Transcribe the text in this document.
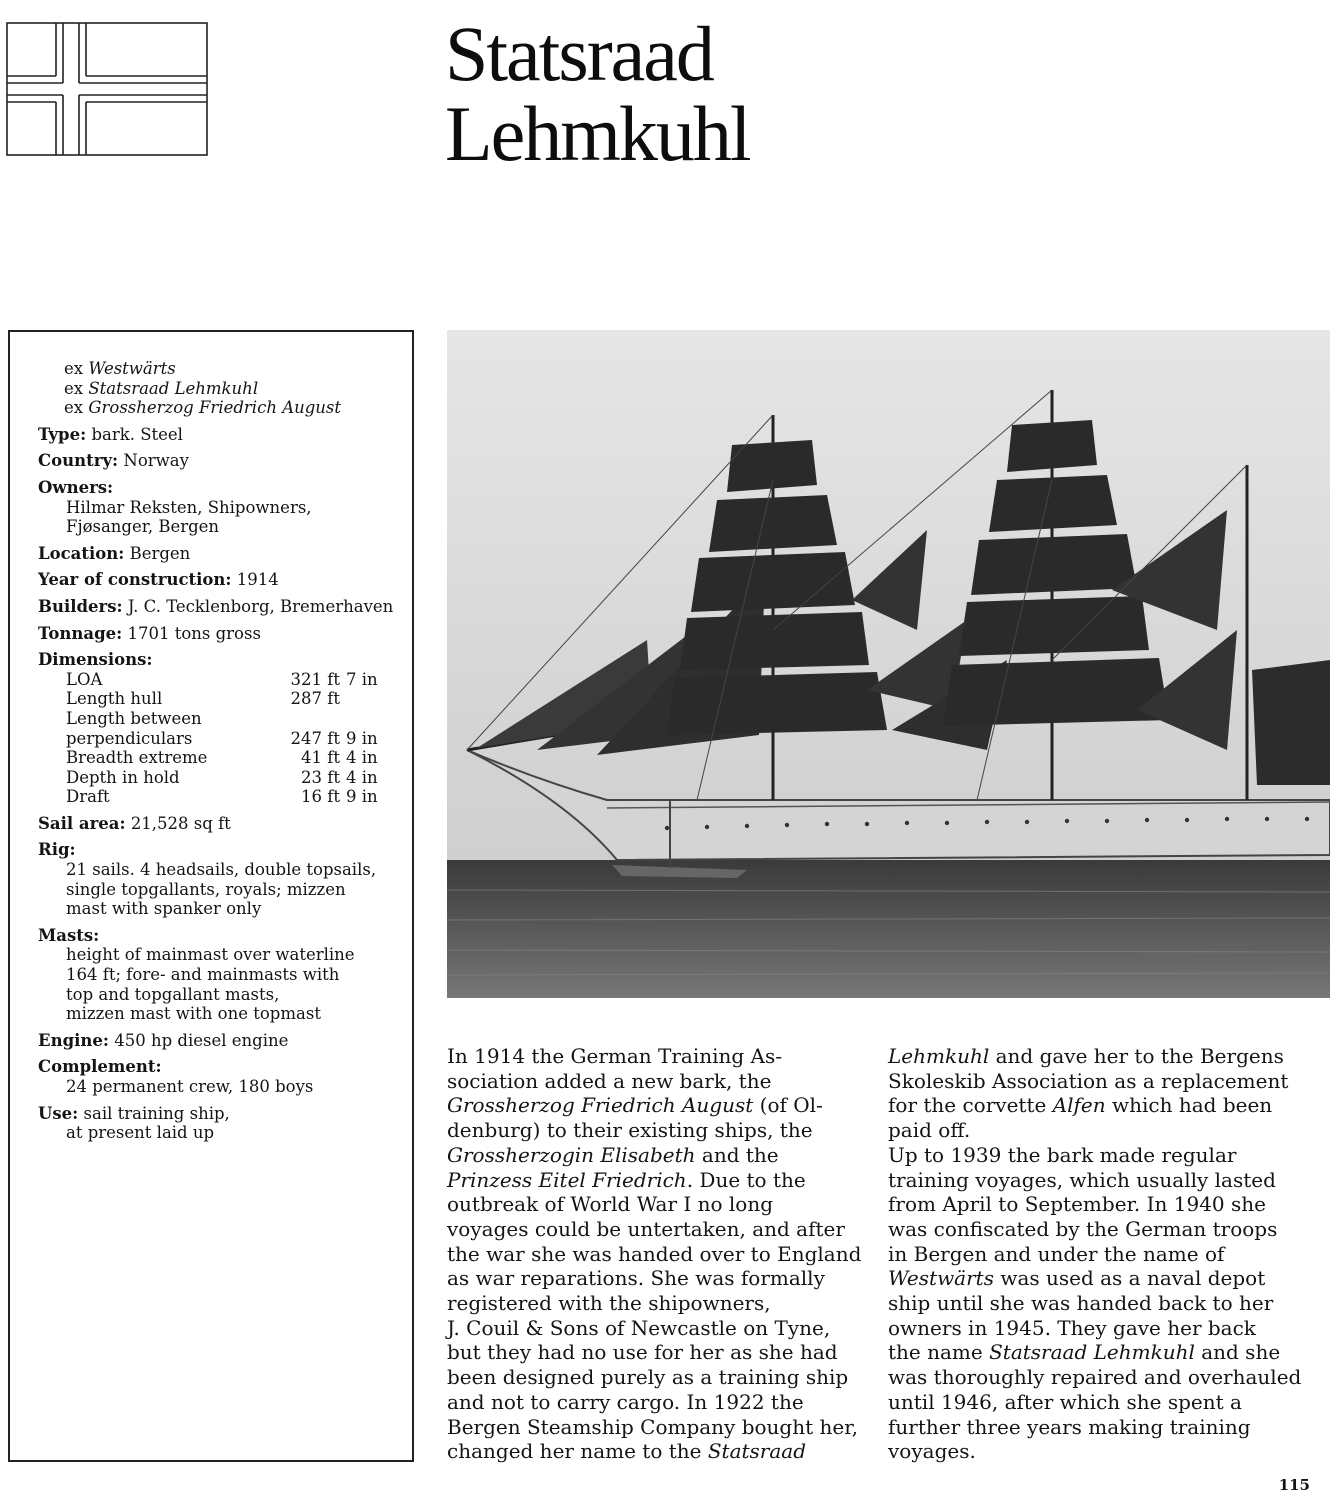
Statsraad
Lehmkuhl
ex Westwärts
ex Statsraad Lehmkuhl
ex Grossherzog Friedrich August
Type: bark. Steel
Country: Norway
Owners:
Hilmar Reksten, Shipowners,
Fjøsanger, Bergen
Location: Bergen
Year of construction: 1914
Builders: J. C. Tecklenborg, Bremerhaven
Tonnage: 1701 tons gross
Dimensions:
LOA	321 ft 7 in
Length hull	287 ft
Length between
perpendiculars	247 ft 9 in
Breadth extreme	41 ft 4 in
Depth in hold	23 ft 4 in
Draft	16 ft 9 in
Sail area: 21,528 sq ft
Rig:
21 sails. 4 headsails, double topsails,
single topgallants, royals; mizzen
mast with spanker only
Masts:
height of mainmast over waterline
164 ft; fore- and mainmasts with
top and topgallant masts,
mizzen mast with one topmast
Engine: 450 hp diesel engine
Complement:
24 permanent crew, 180 boys
Use: sail training ship,
at present laid up

In 1914 the German Training As-

sociation added a new bark, the

Grossherzog Friedrich August (of Ol-

denburg) to their existing ships, the

Grossherzogin Elisabeth and the

Prinzess Eitel Friedrich. Due to the

outbreak of World War I no long

voyages could be untertaken, and after

the war she was handed over to England

as war reparations. She was formally

registered with the shipowners,

J. Couil & Sons of Newcastle on Tyne,

but they had no use for her as she had

been designed purely as a training ship

and not to carry cargo. In 1922 the

Bergen Steamship Company bought her,

changed her name to the Statsraad

Lehmkuhl and gave her to the Bergens

Skoleskib Association as a replacement

for the corvette Alfen which had been

paid off.

Up to 1939 the bark made regular

training voyages, which usually lasted

from April to September. In 1940 she

was confiscated by the German troops

in Bergen and under the name of

Westwärts was used as a naval depot

ship until she was handed back to her

owners in 1945. They gave her back

the name Statsraad Lehmkuhl and she

was thoroughly repaired and overhauled

until 1946, after which she spent a

further three years making training

voyages.

115
